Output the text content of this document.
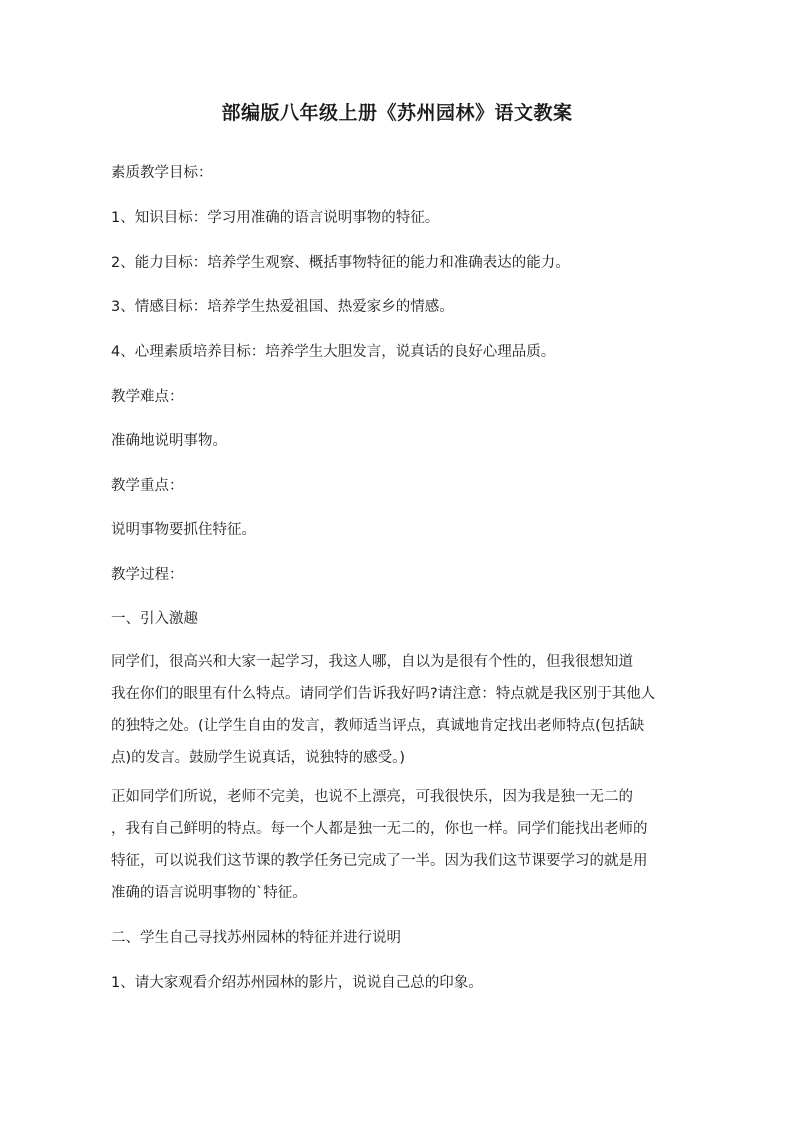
部编版八年级上册《苏州园林》语文教案

素质教学目标：

1、知识目标：学习用准确的语言说明事物的特征。

2、能力目标：培养学生观察、概括事物特征的能力和准确表达的能力。

3、情感目标：培养学生热爱祖国、热爱家乡的情感。

4、心理素质培养目标：培养学生大胆发言，说真话的良好心理品质。

教学难点：

准确地说明事物。

教学重点：

说明事物要抓住特征。

教学过程：

一、引入激趣

同学们，很高兴和大家一起学习，我这人哪，自以为是很有个性的，但我很想知道

我在你们的眼里有什么特点。请同学们告诉我好吗?请注意：特点就是我区别于其他人

的独特之处。(让学生自由的发言，教师适当评点，真诚地肯定找出老师特点(包括缺

点)的发言。鼓励学生说真话，说独特的感受。)

正如同学们所说，老师不完美，也说不上漂亮，可我很快乐，因为我是独一无二的

，我有自己鲜明的特点。每一个人都是独一无二的，你也一样。同学们能找出老师的

特征，可以说我们这节课的教学任务已完成了一半。因为我们这节课要学习的就是用

准确的语言说明事物的`特征。

二、学生自己寻找苏州园林的特征并进行说明

1、请大家观看介绍苏州园林的影片，说说自己总的印象。
